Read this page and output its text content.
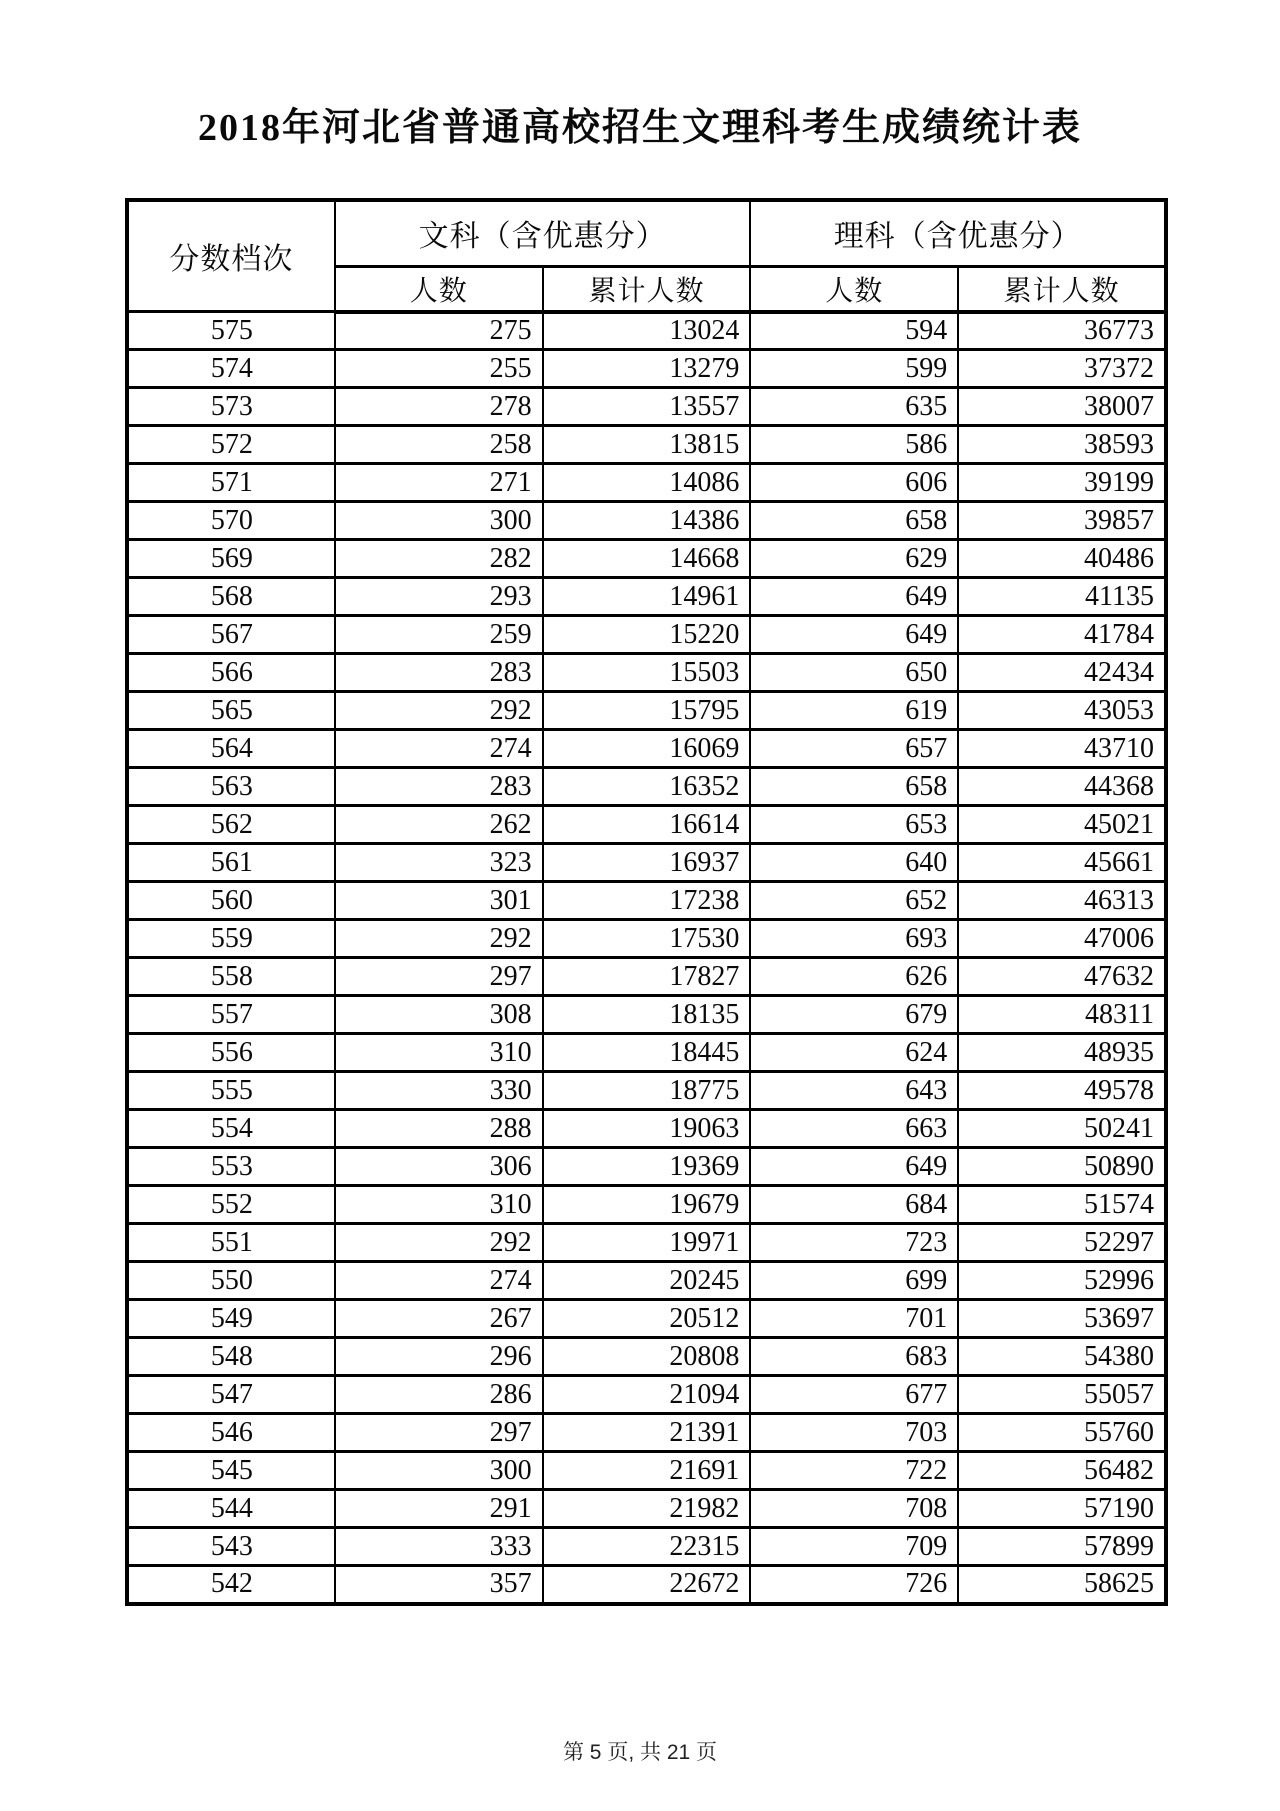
2018年河北省普通高校招生文理科考生成绩统计表
分数档次	文科（含优惠分）		理科（含优惠分）	
	人数	累计人数	人数	累计人数
575	275	13024	594	36773
574	255	13279	599	37372
573	278	13557	635	38007
572	258	13815	586	38593
571	271	14086	606	39199
570	300	14386	658	39857
569	282	14668	629	40486
568	293	14961	649	41135
567	259	15220	649	41784
566	283	15503	650	42434
565	292	15795	619	43053
564	274	16069	657	43710
563	283	16352	658	44368
562	262	16614	653	45021
561	323	16937	640	45661
560	301	17238	652	46313
559	292	17530	693	47006
558	297	17827	626	47632
557	308	18135	679	48311
556	310	18445	624	48935
555	330	18775	643	49578
554	288	19063	663	50241
553	306	19369	649	50890
552	310	19679	684	51574
551	292	19971	723	52297
550	274	20245	699	52996
549	267	20512	701	53697
548	296	20808	683	54380
547	286	21094	677	55057
546	297	21391	703	55760
545	300	21691	722	56482
544	291	21982	708	57190
543	333	22315	709	57899
542	357	22672	726	58625
第 5 页, 共 21 页
